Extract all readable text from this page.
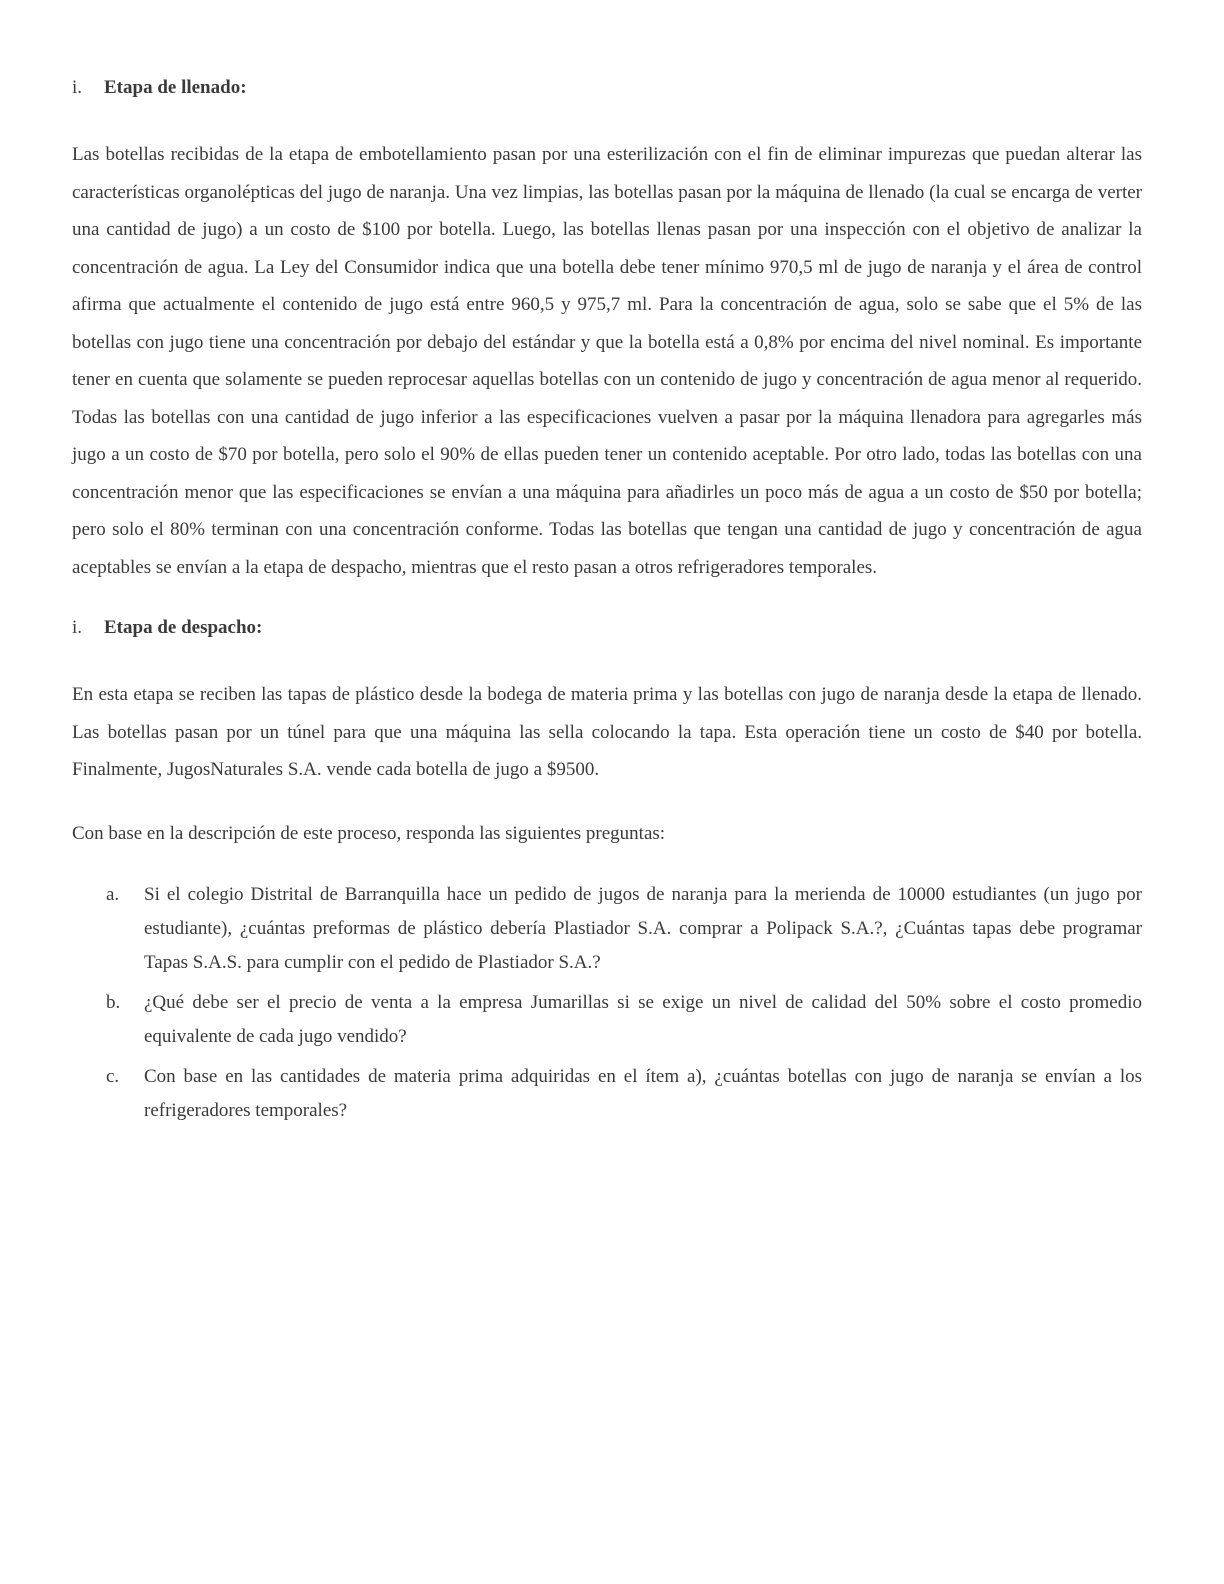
i.	Etapa de llenado:

Las botellas recibidas de la etapa de embotellamiento pasan por una esterilización con el fin de eliminar impurezas que puedan alterar las características organolépticas del jugo de naranja. Una vez limpias, las botellas pasan por la máquina de llenado (la cual se encarga de verter una cantidad de jugo) a un costo de $100 por botella. Luego, las botellas llenas pasan por una inspección con el objetivo de analizar la concentración de agua. La Ley del Consumidor indica que una botella debe tener mínimo 970,5 ml de jugo de naranja y el área de control afirma que actualmente el contenido de jugo está entre 960,5 y 975,7 ml. Para la concentración de agua, solo se sabe que el 5% de las botellas con jugo tiene una concentración por debajo del estándar y que la botella está a 0,8% por encima del nivel nominal. Es importante tener en cuenta que solamente se pueden reprocesar aquellas botellas con un contenido de jugo y concentración de agua menor al requerido. Todas las botellas con una cantidad de jugo inferior a las especificaciones vuelven a pasar por la máquina llenadora para agregarles más jugo a un costo de $70 por botella, pero solo el 90% de ellas pueden tener un contenido aceptable. Por otro lado, todas las botellas con una concentración menor que las especificaciones se envían a una máquina para añadirles un poco más de agua a un costo de $50 por botella; pero solo el 80% terminan con una concentración conforme. Todas las botellas que tengan una cantidad de jugo y concentración de agua aceptables se envían a la etapa de despacho, mientras que el resto pasan a otros refrigeradores temporales.

i.	Etapa de despacho:

En esta etapa se reciben las tapas de plástico desde la bodega de materia prima y las botellas con jugo de naranja desde la etapa de llenado. Las botellas pasan por un túnel para que una máquina las sella colocando la tapa. Esta operación tiene un costo de $40 por botella. Finalmente, JugosNaturales S.A. vende cada botella de jugo a $9500.

Con base en la descripción de este proceso, responda las siguientes preguntas:

a. Si el colegio Distrital de Barranquilla hace un pedido de jugos de naranja para la merienda de 10000 estudiantes (un jugo por estudiante), ¿cuántas preformas de plástico debería Plastiador S.A. comprar a Polipack S.A.?, ¿Cuántas tapas debe programar Tapas S.A.S. para cumplir con el pedido de Plastiador S.A.?
b. ¿Qué debe ser el precio de venta a la empresa Jumarillas si se exige un nivel de calidad del 50% sobre el costo promedio equivalente de cada jugo vendido?
c. Con base en las cantidades de materia prima adquiridas en el ítem a), ¿cuántas botellas con jugo de naranja se envían a los refrigeradores temporales?
